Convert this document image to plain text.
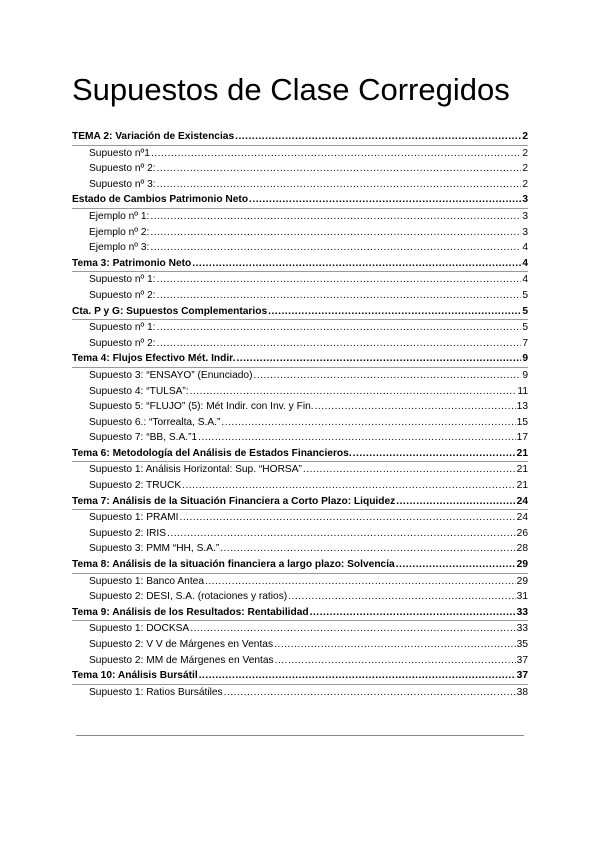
Supuestos de Clase Corregidos
TEMA 2: Variación de Existencias .....	2
Supuesto nº1 .....	2
Supuesto nº 2: .....	2
Supuesto nº 3: .....	2
Estado de Cambios Patrimonio Neto .....	3
Ejemplo nº 1: .....	3
Ejemplo nº 2: .....	3
Ejemplo nº 3: .....	4
Tema 3: Patrimonio Neto .....	4
Supuesto nº 1: .....	4
Supuesto nº 2: .....	5
Cta. P y G: Supuestos Complementarios .....	5
Supuesto nº 1: .....	5
Supuesto nº 2: .....	7
Tema 4: Flujos Efectivo Mét. Indir. .....	9
Supuesto 3: “ENSAYO” (Enunciado) .....	9
Supuesto 4: “TULSA”: .....	11
Supuesto 5: “FLUJO” (5): Mét Indir. con Inv. y Fin. .....	13
Supuesto 6.: “Torrealta, S.A.” .....	15
Supuesto 7: “BB, S.A.”1 .....	17
Tema 6: Metodología del Análisis de Estados Financieros. .....	21
Supuesto 1: Análisis Horizontal: Sup. “HORSA” .....	21
Supuesto 2: TRUCK .....	21
Tema 7: Análisis de la Situación Financiera a Corto Plazo: Liquidez .....	24
Supuesto 1: PRAMI .....	24
Supuesto 2: IRIS .....	26
Supuesto 3: PMM “HH, S.A.” .....	28
Tema 8: Análisis de la situación financiera a largo plazo: Solvencia .....	29
Supuesto 1: Banco Antea .....	29
Supuesto 2: DESI, S.A. (rotaciones y ratios) .....	31
Tema 9: Análisis de los Resultados: Rentabilidad .....	33
Supuesto 1: DOCKSA .....	33
Supuesto 2: V V de Márgenes en Ventas .....	35
Supuesto 2: MM de Márgenes en Ventas .....	37
Tema 10: Análisis Bursátil .....	37
Supuesto 1: Ratios Bursátiles .....	38
